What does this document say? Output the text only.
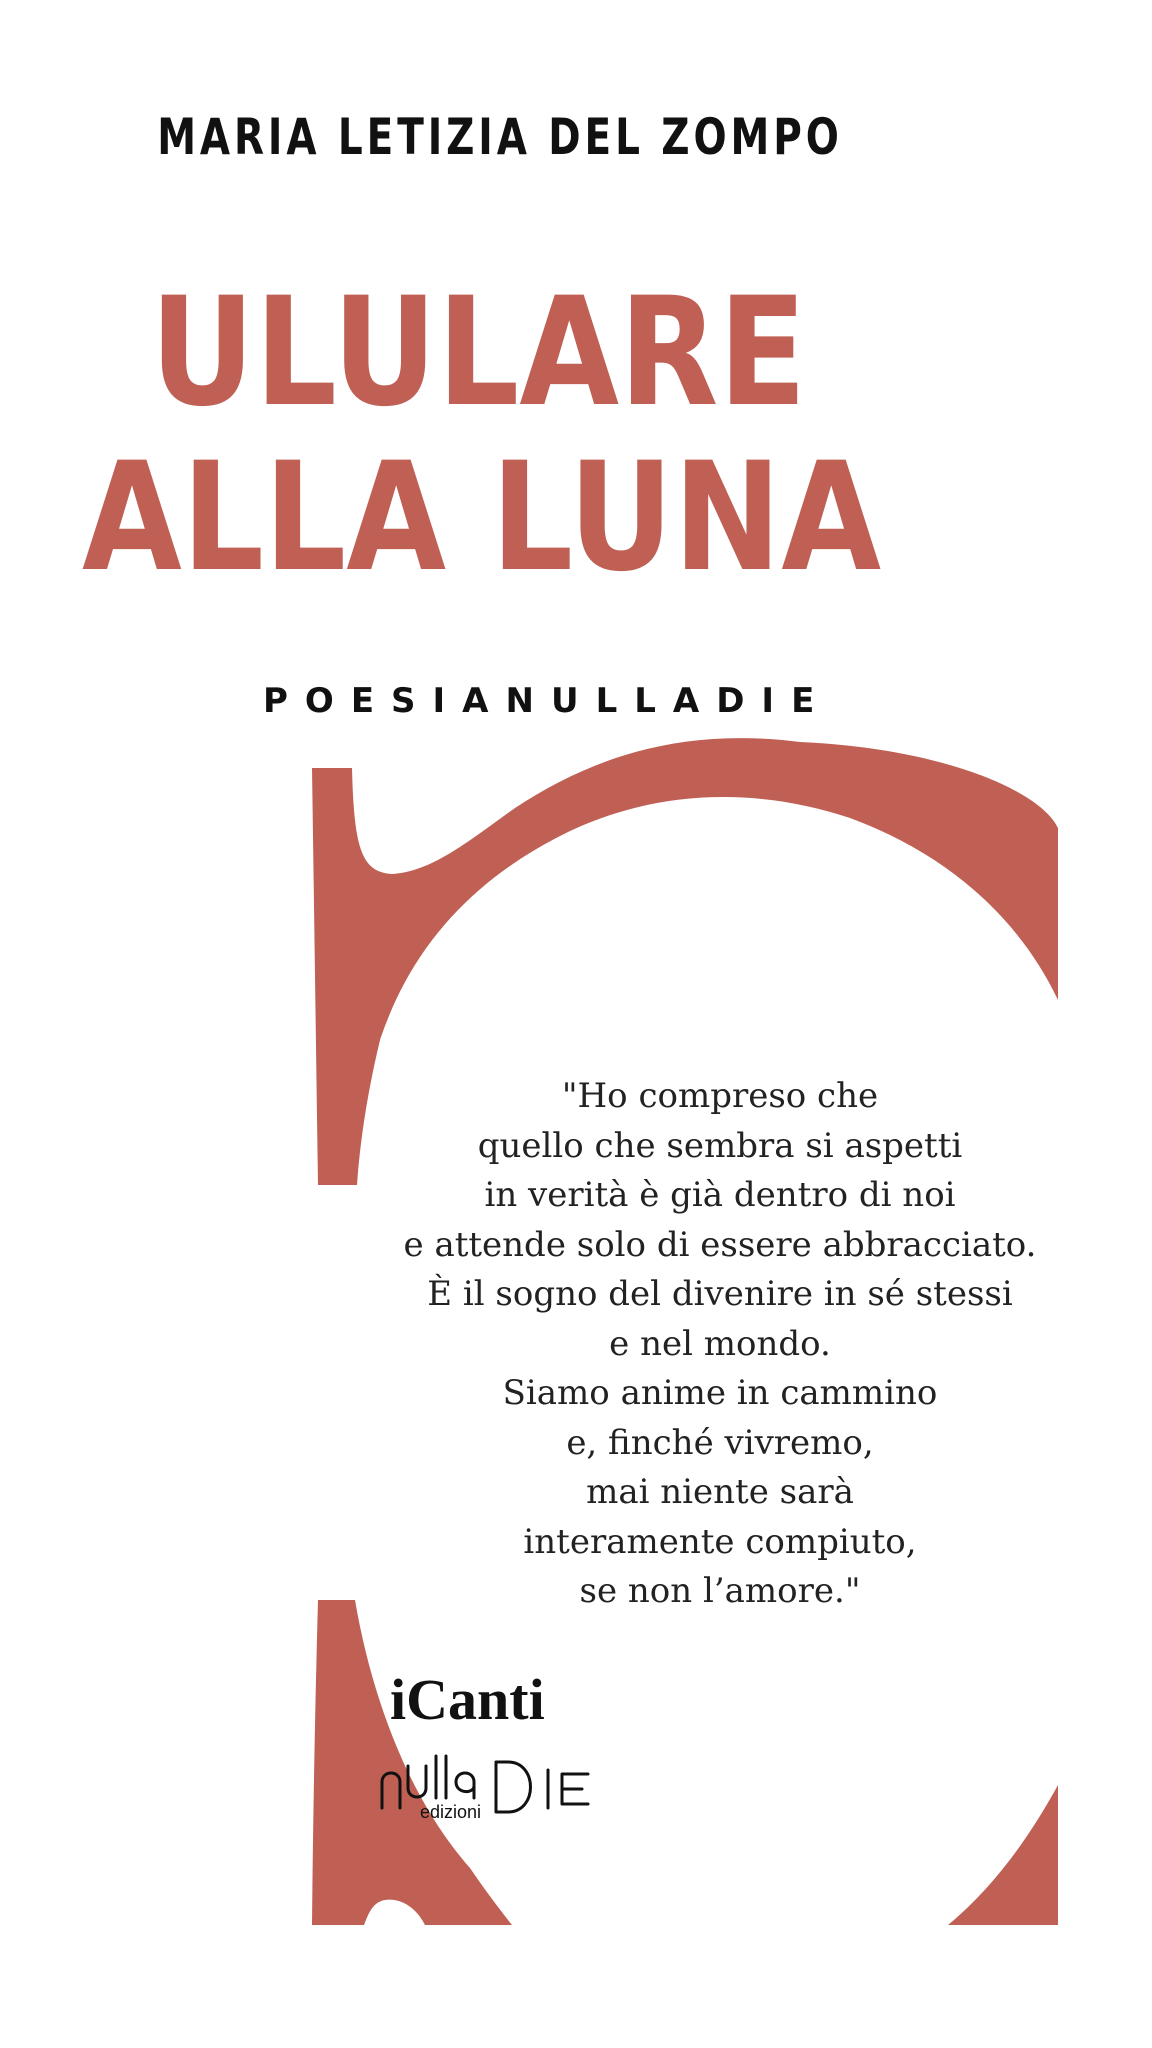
MARIA LETIZIA DEL ZOMPO
ULULARE
ALLA LUNA
POESIANULLADIE

"Ho compreso che
quello che sembra si aspetti
in verità è già dentro di noi
e attende solo di essere abbracciato.
È il sogno del divenire in sé stessi
e nel mondo.
Siamo anime in cammino
e, finché vivremo,
mai niente sarà
interamente compiuto,
se non l’amore."

iCanti
edizioni
